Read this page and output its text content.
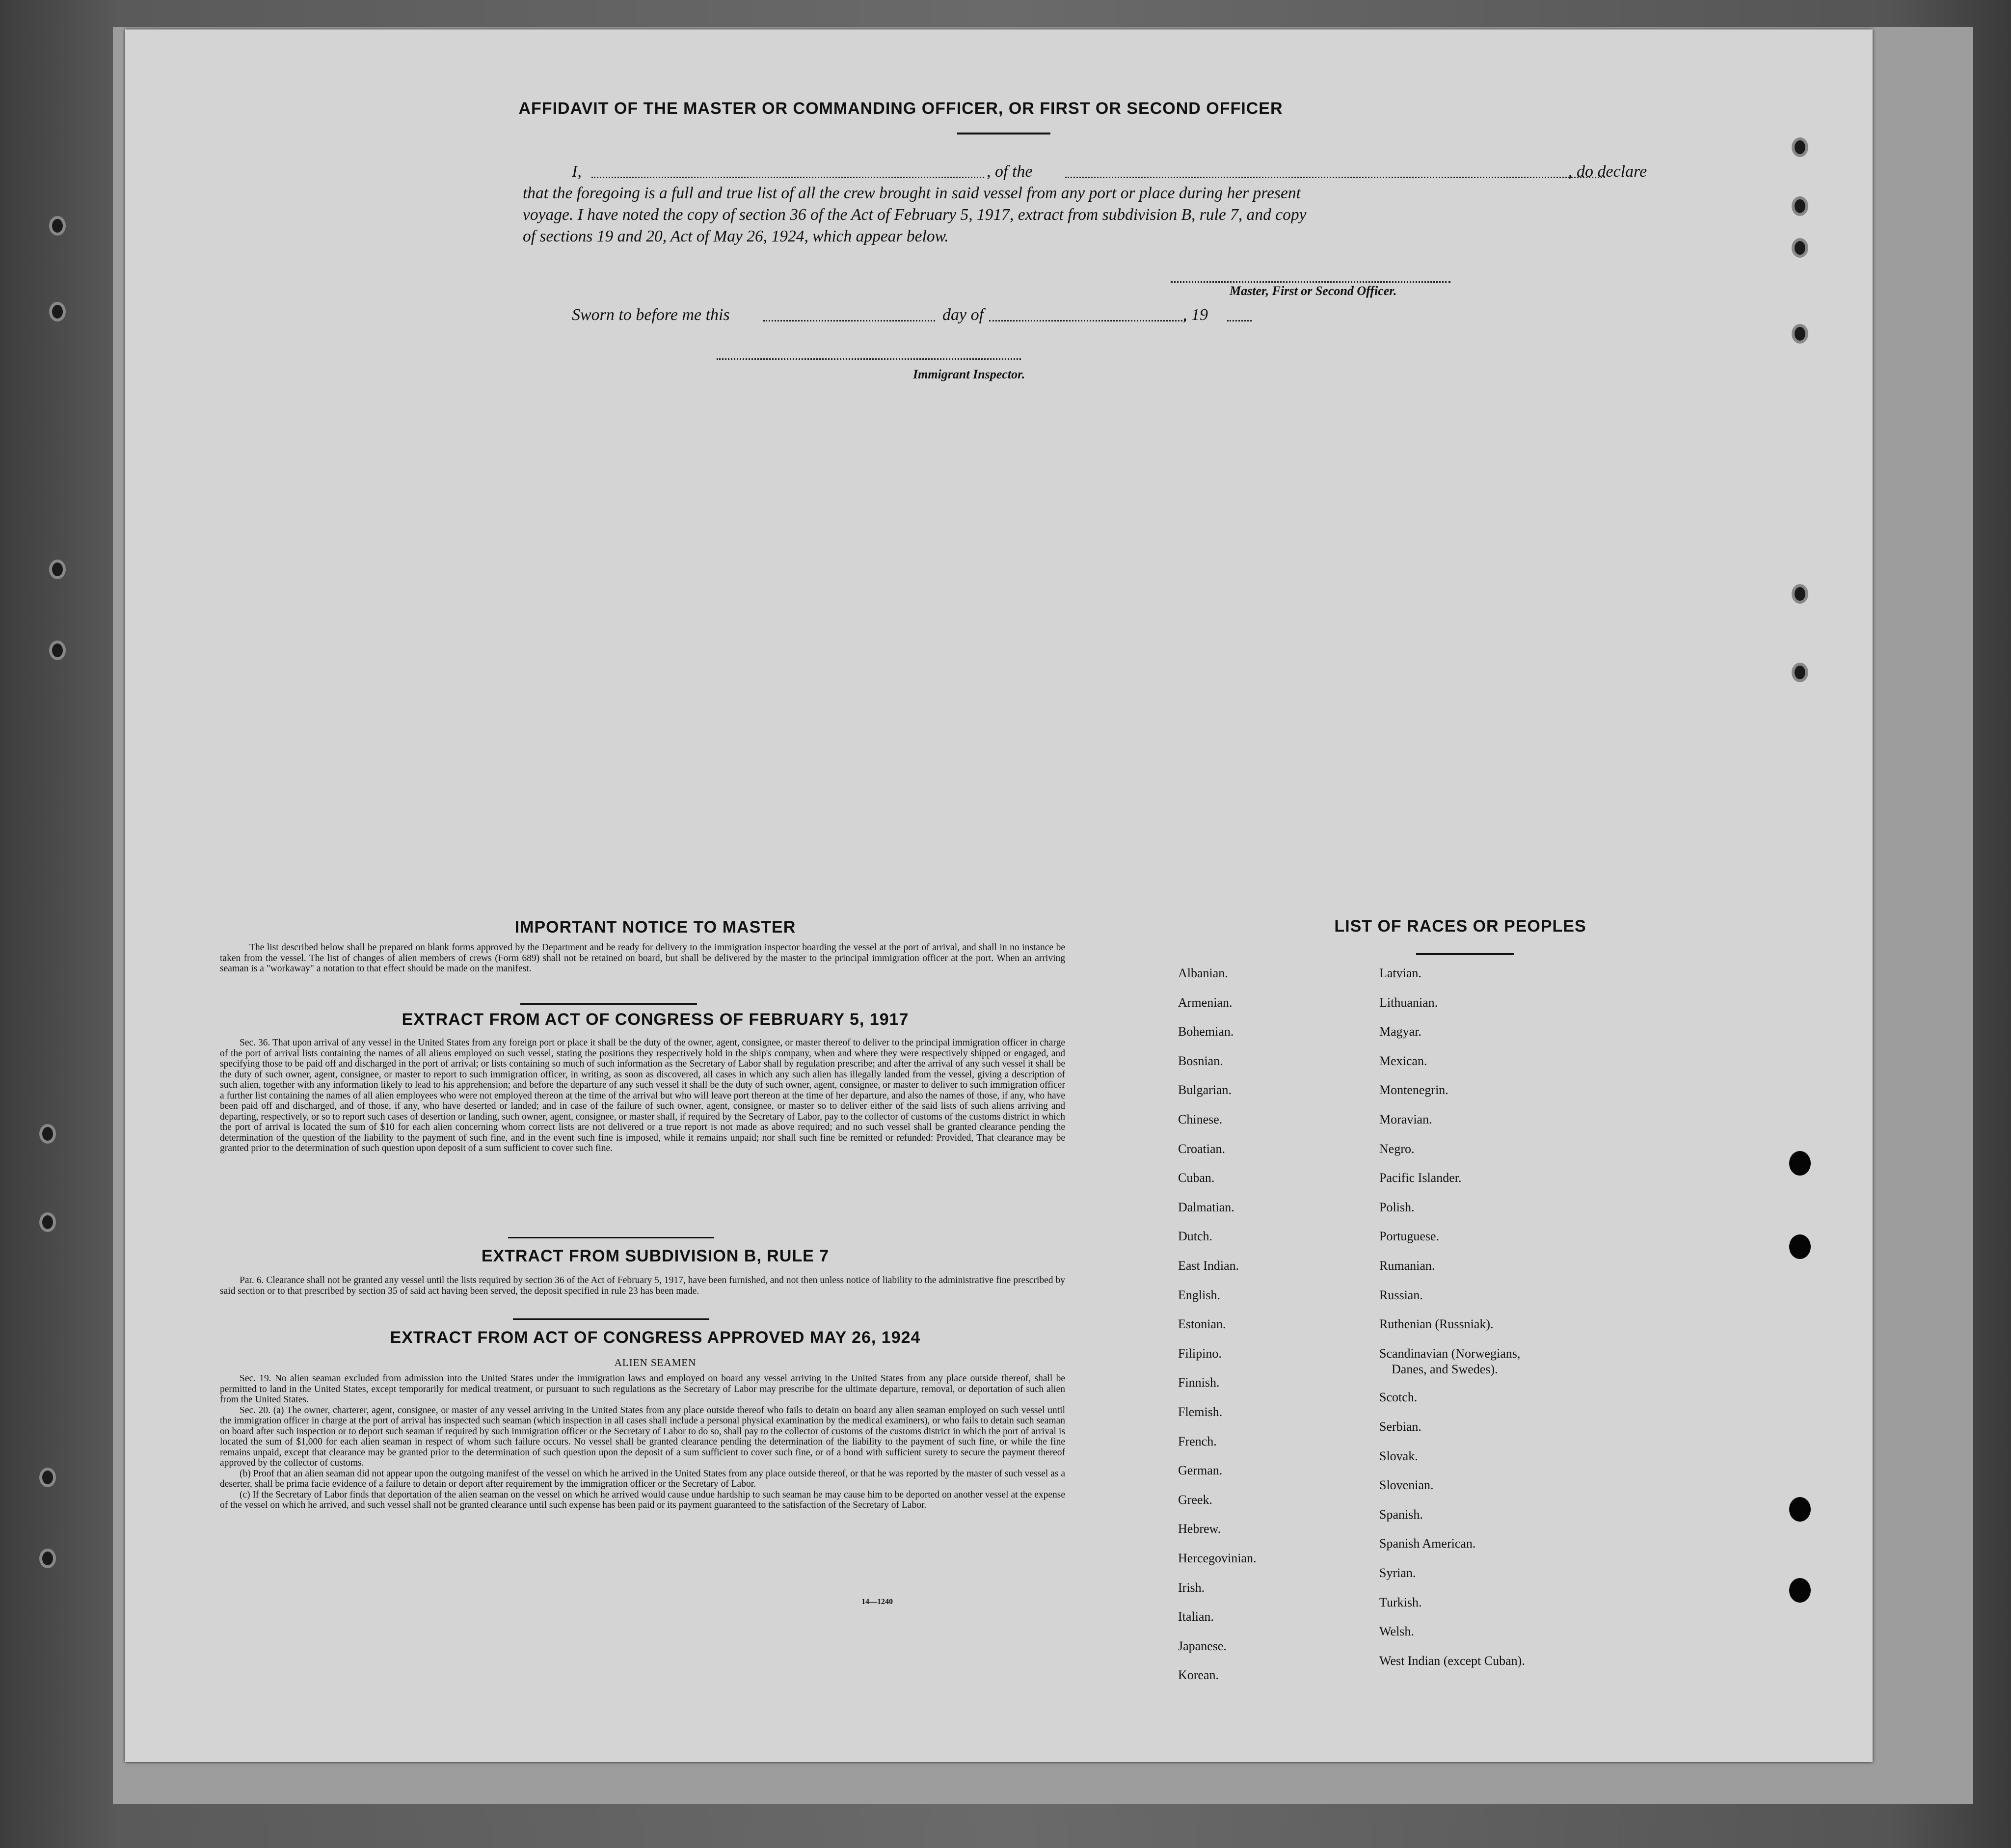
AFFIDAVIT OF THE MASTER OR COMMANDING OFFICER, OR FIRST OR SECOND OFFICER
I,	, of the	, do declare
that the foregoing is a full and true list of all the crew brought in said vessel from any port or place during her present
voyage. I have noted the copy of section 36 of the Act of February 5, 1917, extract from subdivision B, rule 7, and copy
of sections 19 and 20, Act of May 26, 1924, which appear below.
Master, First or Second Officer.
Sworn to before me this	day of	, 19
Immigrant Inspector.
IMPORTANT NOTICE TO MASTER
The list described below shall be prepared on blank forms approved by the Department and be ready for delivery to the immigration inspector boarding the vessel at the port of arrival, and shall in no instance be taken from the vessel. The list of changes of alien members of crews (Form 689) shall not be retained on board, but shall be delivered by the master to the principal immigration officer at the port. When an arriving seaman is a "workaway" a notation to that effect should be made on the manifest.
EXTRACT FROM ACT OF CONGRESS OF FEBRUARY 5, 1917
Sec. 36. That upon arrival of any vessel in the United States from any foreign port or place it shall be the duty of the owner, agent, consignee, or master thereof to deliver to the principal immigration officer in charge of the port of arrival lists containing the names of all aliens employed on such vessel, stating the positions they respectively hold in the ship's company, when and where they were respectively shipped or engaged, and specifying those to be paid off and discharged in the port of arrival; or lists containing so much of such information as the Secretary of Labor shall by regulation prescribe; and after the arrival of any such vessel it shall be the duty of such owner, agent, consignee, or master to report to such immigration officer, in writing, as soon as discovered, all cases in which any such alien has illegally landed from the vessel, giving a description of such alien, together with any information likely to lead to his apprehension; and before the departure of any such vessel it shall be the duty of such owner, agent, consignee, or master to deliver to such immigration officer a further list containing the names of all alien employees who were not employed thereon at the time of the arrival but who will leave port thereon at the time of her departure, and also the names of those, if any, who have been paid off and discharged, and of those, if any, who have deserted or landed; and in case of the failure of such owner, agent, consignee, or master so to deliver either of the said lists of such aliens arriving and departing, respectively, or so to report such cases of desertion or landing, such owner, agent, consignee, or master shall, if required by the Secretary of Labor, pay to the collector of customs of the customs district in which the port of arrival is located the sum of $10 for each alien concerning whom correct lists are not delivered or a true report is not made as above required; and no such vessel shall be granted clearance pending the determination of the question of the liability to the payment of such fine, and in the event such fine is imposed, while it remains unpaid; nor shall such fine be remitted or refunded: Provided, That clearance may be granted prior to the determination of such question upon deposit of a sum sufficient to cover such fine.
EXTRACT FROM SUBDIVISION B, RULE 7
Par. 6. Clearance shall not be granted any vessel until the lists required by section 36 of the Act of February 5, 1917, have been furnished, and not then unless notice of liability to the administrative fine prescribed by said section or to that prescribed by section 35 of said act having been served, the deposit specified in rule 23 has been made.
EXTRACT FROM ACT OF CONGRESS APPROVED MAY 26, 1924
ALIEN SEAMEN
Sec. 19. No alien seaman excluded from admission into the United States under the immigration laws and employed on board any vessel arriving in the United States from any place outside thereof, shall be permitted to land in the United States, except temporarily for medical treatment, or pursuant to such regulations as the Secretary of Labor may prescribe for the ultimate departure, removal, or deportation of such alien from the United States.
Sec. 20. (a) The owner, charterer, agent, consignee, or master of any vessel arriving in the United States from any place outside thereof who fails to detain on board any alien seaman employed on such vessel until the immigration officer in charge at the port of arrival has inspected such seaman (which inspection in all cases shall include a personal physical examination by the medical examiners), or who fails to detain such seaman on board after such inspection or to deport such seaman if required by such immigration officer or the Secretary of Labor to do so, shall pay to the collector of customs of the customs district in which the port of arrival is located the sum of $1,000 for each alien seaman in respect of whom such failure occurs. No vessel shall be granted clearance pending the determination of the liability to the payment of such fine, or while the fine remains unpaid, except that clearance may be granted prior to the determination of such question upon the deposit of a sum sufficient to cover such fine, or of a bond with sufficient surety to secure the payment thereof approved by the collector of customs.
(b) Proof that an alien seaman did not appear upon the outgoing manifest of the vessel on which he arrived in the United States from any place outside thereof, or that he was reported by the master of such vessel as a deserter, shall be prima facie evidence of a failure to detain or deport after requirement by the immigration officer or the Secretary of Labor.
(c) If the Secretary of Labor finds that deportation of the alien seaman on the vessel on which he arrived would cause undue hardship to such seaman he may cause him to be deported on another vessel at the expense of the vessel on which he arrived, and such vessel shall not be granted clearance until such expense has been paid or its payment guaranteed to the satisfaction of the Secretary of Labor.
14—1240
LIST OF RACES OR PEOPLES
Albanian.
Armenian.
Bohemian.
Bosnian.
Bulgarian.
Chinese.
Croatian.
Cuban.
Dalmatian.
Dutch.
East Indian.
English.
Estonian.
Filipino.
Finnish.
Flemish.
French.
German.
Greek.
Hebrew.
Hercegovinian.
Irish.
Italian.
Japanese.
Korean.
Latvian.
Lithuanian.
Magyar.
Mexican.
Montenegrin.
Moravian.
Negro.
Pacific Islander.
Polish.
Portuguese.
Rumanian.
Russian.
Ruthenian (Russniak).
Scandinavian (Norwegians,
Danes, and Swedes).
Scotch.
Serbian.
Slovak.
Slovenian.
Spanish.
Spanish American.
Syrian.
Turkish.
Welsh.
West Indian (except Cuban).
